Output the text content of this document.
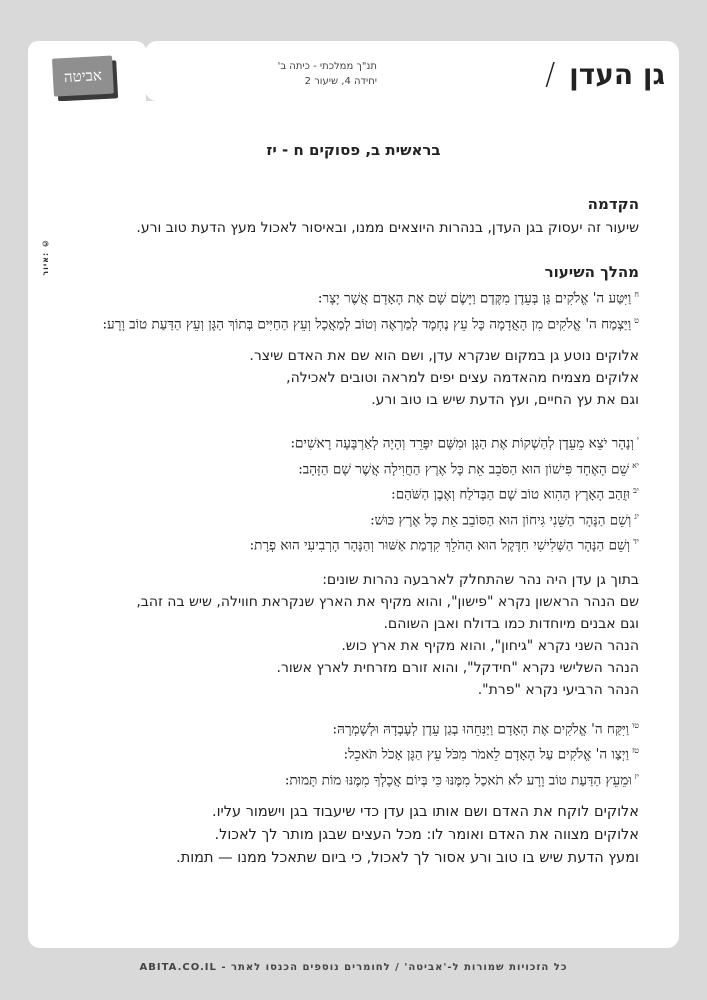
אביטה	גן העדן
/
תנ"ך ממלכתי - כיתה ב'
יחידה 4, שיעור 2
בראשית ב, פסוקים ח - יז
הקדמה

שיעור זה יעסוק בגן העדן, בנהרות היוצאים ממנו, ובאיסור לאכול מעץ הדעת טוב ורע.

מהלך השיעור

$^ח$וַיִּטַּע ה' אֱלֹקִים גַּן בְּעֵדֶן מִקֶּדֶם וַיָּשֶׂם שָׁם אֶת הָאָדָם אֲשֶׁר יָצָר:

$^ט$וַיַּצְמַח ה' אֱלֹקִים מִן הָאֲדָמָה כָּל עֵץ נֶחְמָד לְמַרְאֶה וְטוֹב לְמַאֲכָל וְעֵץ הַחַיִּים בְּתוֹךְ הַגָּן וְעֵץ הַדַּעַת טוֹב וָרָע:

אלוקים נוטע גן במקום שנקרא עדן, ושם הוא שם את האדם שיצר.

אלוקים מצמיח מהאדמה עצים יפים למראה וטובים לאכילה,

וגם את עץ החיים, ועץ הדעת שיש בו טוב ורע.

$^י$וְנָהָר יֹצֵא מֵעֵדֶן לְהַשְׁקוֹת אֶת הַגָּן וּמִשָּׁם יִפָּרֵד וְהָיָה לְאַרְבָּעָה רָאשִׁים:

$^{יא}$שֵׁם הָאֶחָד פִּישׁוֹן הוּא הַסֹּבֵב אֵת כָּל אֶרֶץ הַחֲוִילָה אֲשֶׁר שָׁם הַזָּהָב:

$^{יב}$וּזֲהַב הָאָרֶץ הַהִוא טוֹב שָׁם הַבְּדֹלַח וְאֶבֶן הַשֹּׁהַם:

$^{יג}$וְשֵׁם הַנָּהָר הַשֵּׁנִי גִּיחוֹן הוּא הַסּוֹבֵב אֵת כָּל אֶרֶץ כּוּשׁ:

$^{יד}$וְשֵׁם הַנָּהָר הַשְּׁלִישִׁי חִדֶּקֶל הוּא הַהֹלֵךְ קִדְמַת אַשּׁוּר וְהַנָּהָר הָרְבִיעִי הוּא פְרָת:

בתוך גן עדן היה נהר שהתחלק לארבעה נהרות שונים:

שם הנהר הראשון נקרא "פישון", והוא מקיף את הארץ שנקראת חווילה, שיש בה זהב,

וגם אבנים מיוחדות כמו בדולח ואבן השוהם.

הנהר השני נקרא "גיחון", והוא מקיף את ארץ כוש.

הנהר השלישי נקרא "חידקל", והוא זורם מזרחית לארץ אשור.

הנהר הרביעי נקרא "פרת".

$^{טו}$וַיִּקַּח ה' אֱלֹקִים אֶת הָאָדָם וַיַּנִּחֵהוּ בְגַן עֵדֶן לְעָבְדָהּ וּלְשָׁמְרָהּ:

$^{טז}$וַיְצַו ה' אֱלֹקִים עַל הָאָדָם לֵאמֹר מִכֹּל עֵץ הַגָּן אָכֹל תֹּאכֵל:

$^{יז}$וּמֵעֵץ הַדַּעַת טוֹב וָרָע לֹא תֹאכַל מִמֶּנּוּ כִּי בְּיוֹם אֲכָלְךָ מִמֶּנּוּ מוֹת תָּמוּת:

אלוקים לוקח את האדם ושם אותו בגן עדן כדי שיעבוד בגן וישמור עליו.

אלוקים מצווה את האדם ואומר לו: מכל העצים שבגן מותר לך לאכול.

ומעץ הדעת שיש בו טוב ורע אסור לך לאכול, כי ביום שתאכל ממנו — תמות.

איור: ©
כל הזכויות שמורות ל-'אביטה' / לחומרים נוספים הכנסו לאתר - ABITA.CO.IL
